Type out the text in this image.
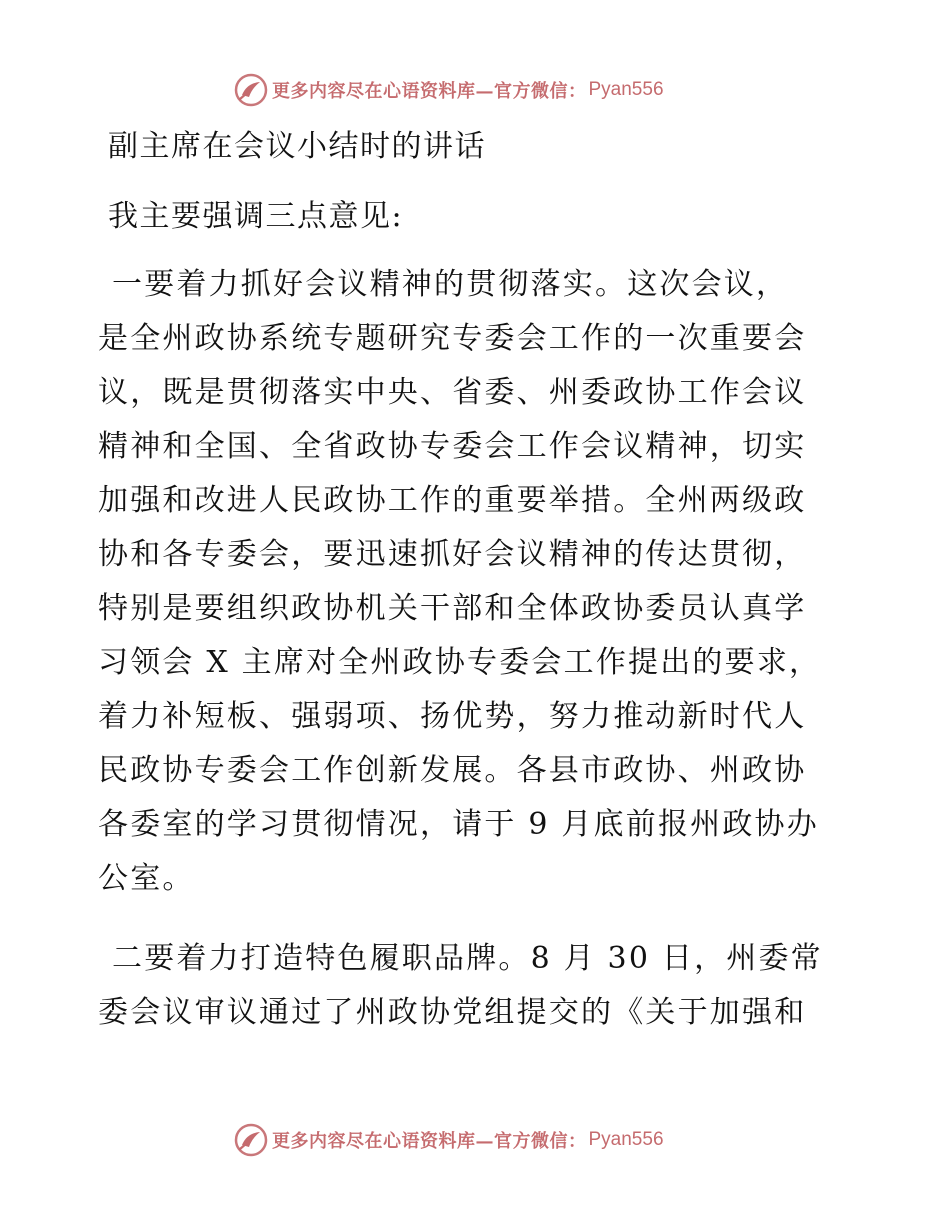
更多内容尽在心语资料库—官方微信： Pyan556
副主席在会议小结时的讲话
我主要强调三点意见:
一要着力抓好会议精神的贯彻落实。这次会议，
是全州政协系统专题研究专委会工作的一次重要会
议，既是贯彻落实中央、省委、州委政协工作会议
精神和全国、全省政协专委会工作会议精神，切实
加强和改进人民政协工作的重要举措。全州两级政
协和各专委会，要迅速抓好会议精神的传达贯彻，
特别是要组织政协机关干部和全体政协委员认真学
习领会 X 主席对全州政协专委会工作提出的要求，
着力补短板、强弱项、扬优势，努力推动新时代人
民政协专委会工作创新发展。各县市政协、州政协
各委室的学习贯彻情况，请于 9 月底前报州政协办
公室。
二要着力打造特色履职品牌。8 月 30 日，州委常
委会议审议通过了州政协党组提交的《关于加强和
更多内容尽在心语资料库—官方微信： Pyan556
